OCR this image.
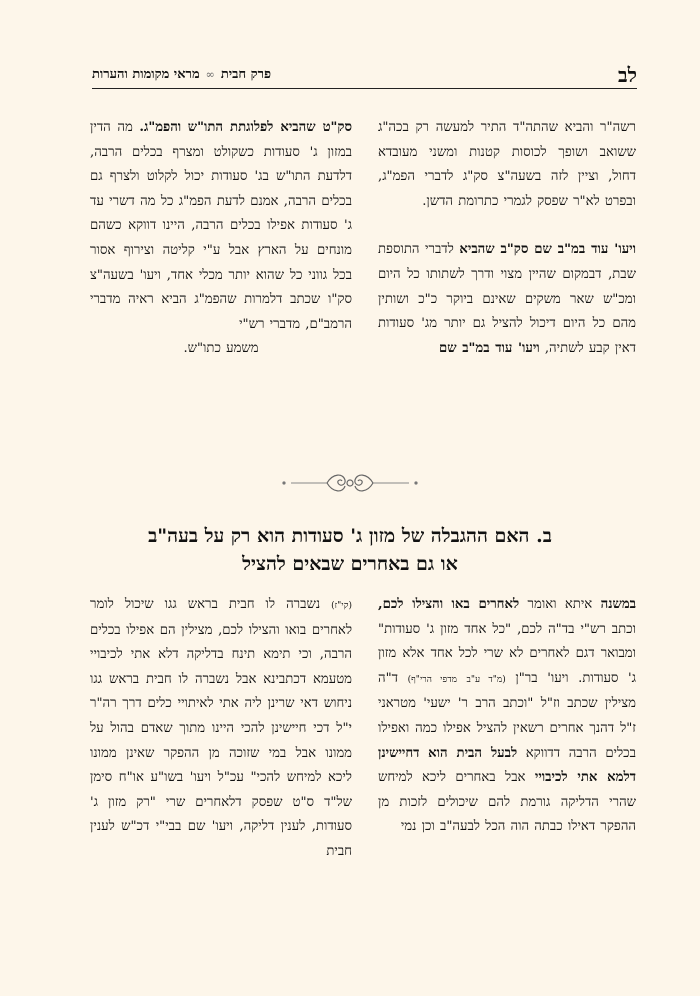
לב
פרק חבית∞מראי מקומות והערות

רשה"ר והביא שהתה"ד התיר למעשה רק בכה"ג ששואב ושופך לכוסות קטנות ומשני מעובדא דחול, וציין לזה בשעה"צ סק"ג לדברי הפמ"ג, ובפרט לא"ר שפסק לגמרי כתרומת הדשן.

ויעו' עוד במ"ב שם סק"ב שהביא לדברי התוספת שבת, דבמקום שהיין מצוי ודרך לשתותו כל היום ומכ"ש שאר משקים שאינם ביוקר כ"כ ושותין מהם כל היום דיכול להציל גם יותר מג' סעודות דאין קבע לשתיה, ויעו' עוד במ"ב שם

סק"ט שהביא לפלוגתת התו"ש והפמ"ג. מה הדין במזון ג' סעודות כשקולט ומצרף בכלים הרבה, דלדעת התו"ש בג' סעודות יכול לקלוט ולצרף גם בכלים הרבה, אמנם לדעת הפמ"ג כל מה דשרי עד ג' סעודות אפילו בכלים הרבה, היינו דווקא כשהם מונחים על הארץ אבל ע"י קליטה וצירוף אסור בכל גווני כל שהוא יותר מכלי אחד, ויעו' בשעה"צ סק"ו שכתב דלמרות שהפמ"ג הביא ראיה מדברי הרמב"ם, מדברי רש"י

משמע כתו"ש.

ב. האם ההגבלה של מזון ג' סעודות הוא רק על בעה"ב
או גם באחרים שבאים להציל

במשנה איתא ואומר לאחרים באו והצילו לכם, וכתב רש"י בד"ה לכם, "כל אחד מזון ג' סעודות" ומבואר דגם לאחרים לא שרי לכל אחד אלא מזון ג' סעודות. ויעו' בר"ן (מ"ד ע"ב מדפי הרי"ף) ד"ה מצילין שכתב וז"ל "וכתב הרב ר' ישעי' מטראני ז"ל דהנך אחרים רשאין להציל אפילו כמה ואפילו בכלים הרבה דדווקא לבעל הבית הוא דחיישינן דלמא אתי לכיבויי אבל באחרים ליכא למיחש שהרי הדליקה גורמת להם שיכולים לזכות מן ההפקר דאילו כבתה הוה הכל לבעה"ב וכן נמי

(קי"ז) נשברה לו חבית בראש גגו שיכול לומר לאחרים בואו והצילו לכם, מצילין הם אפילו בכלים הרבה, וכי תימא תינח בדליקה דלא אתי לכיבויי מטעמא דכתבינא אבל נשברה לו חבית בראש גגו ניחוש דאי שרינן ליה אתי לאיתויי כלים דרך רה"ר י"ל דכי חיישינן להכי היינו מתוך שאדם בהול על ממונו אבל במי שזוכה מן ההפקר שאינן ממונו ליכא למיחש להכי" עכ"ל ויעו' בשו"ע או"ח סימן של"ד ס"ט שפסק דלאחרים שרי "רק מזון ג' סעודות, לענין דליקה, ויעו' שם בבי"י דכ"ש לענין חבית
